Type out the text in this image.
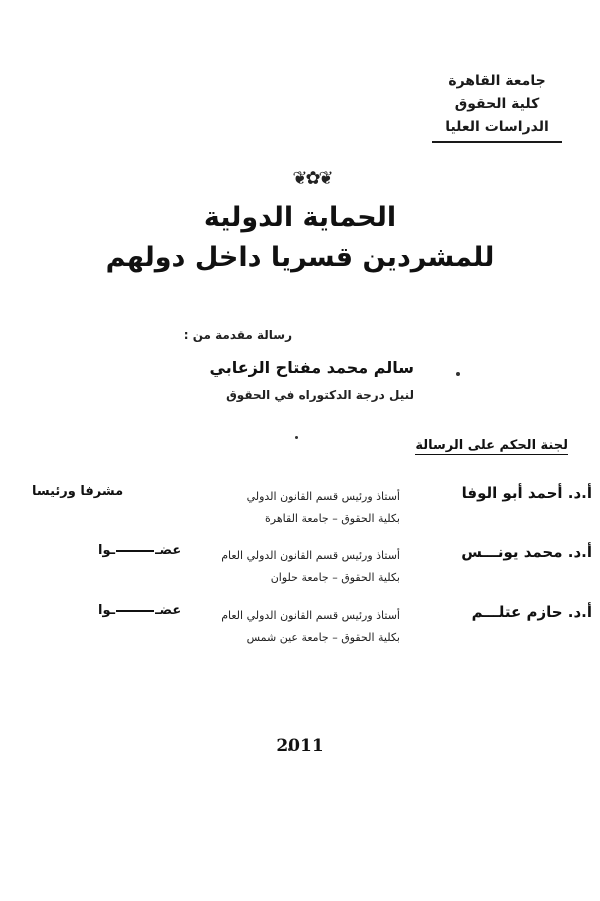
جامعة القاهرة
كلية الحقوق
الدراسات العليا
❦✿❦
الحماية الدولية
للمشردين قسريا داخل دولهم
رسالة مقدمة من :
سالم محمد مفتاح الزعابي
لنيل درجة الدكتوراه في الحقوق
لجنة الحكم على الرسالة
أ.د. أحمد أبو الوفا
أستاذ ورئيس قسم القانون الدولي
بكلية الحقوق – جامعة القاهرة
مشرفا ورئيسا
أ.د. محمد يونـــس
أستاذ ورئيس قسم القانون الدولي العام
بكلية الحقوق – جامعة حلوان
عضــوا
أ.د. حازم عتلـــم
أستاذ ورئيس قسم القانون الدولي العام
بكلية الحقوق – جامعة عين شمس
عضــوا
2011
